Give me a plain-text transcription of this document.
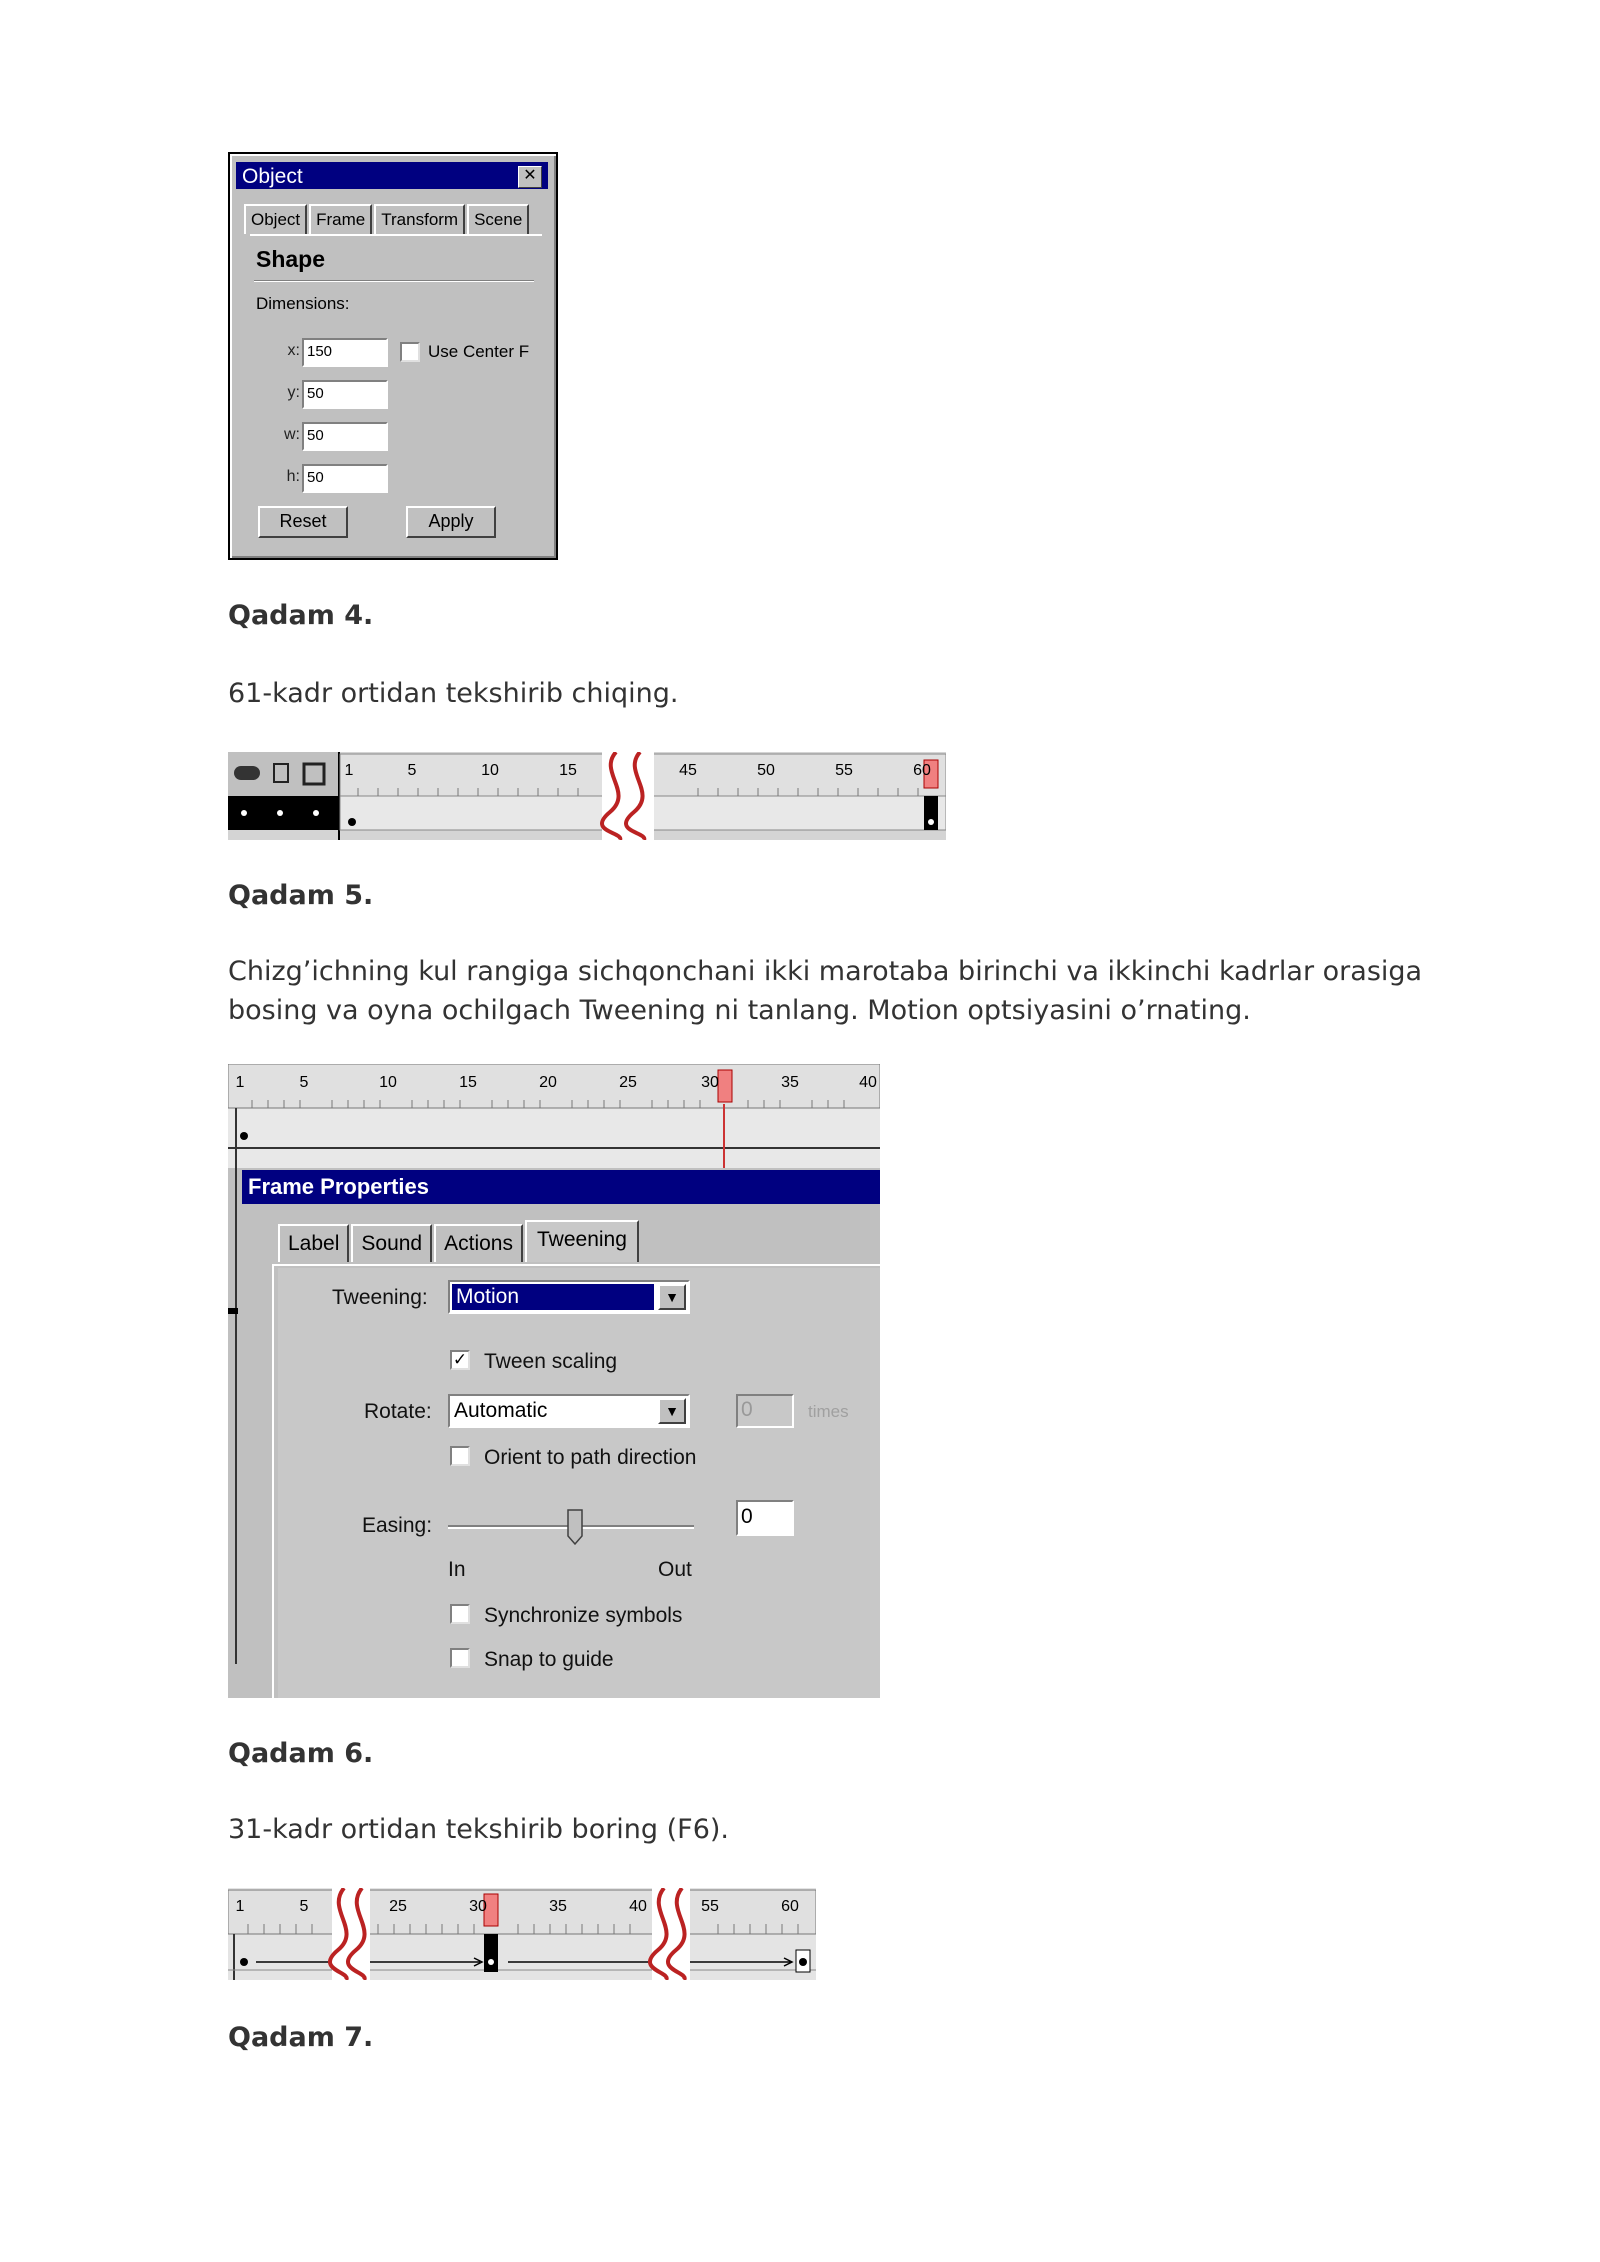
Object	✕
Object Frame Transform Scene
Shape
Dimensions:
x: 150	Use Center F
y: 50
w: 50
h: 50
Reset	Apply
Qadam 4.
61-kadr ortidan tekshirib chiqing.
1	5	10	15	45	50	55	60
Qadam 5.
Chizg’ichning kul rangiga sichqonchani ikki marotaba birinchi va ikkinchi kadrlar orasiga bosing va oyna ochilgach Tweening ni tanlang. Motion optsiyasini o’rnating.
1	5	10	15	20	25	30	35	40
Frame Properties
Label	Sound	Actions	Tweening
Tweening: Motion	▼
✓ Tween scaling
Rotate: Automatic	▼	0	times
Orient to path direction
Easing:	0
In	Out
Synchronize symbols
Snap to guide
Qadam 6.
31-kadr ortidan tekshirib boring (F6).
1	5	25	30	35	40	55	60
Qadam 7.
